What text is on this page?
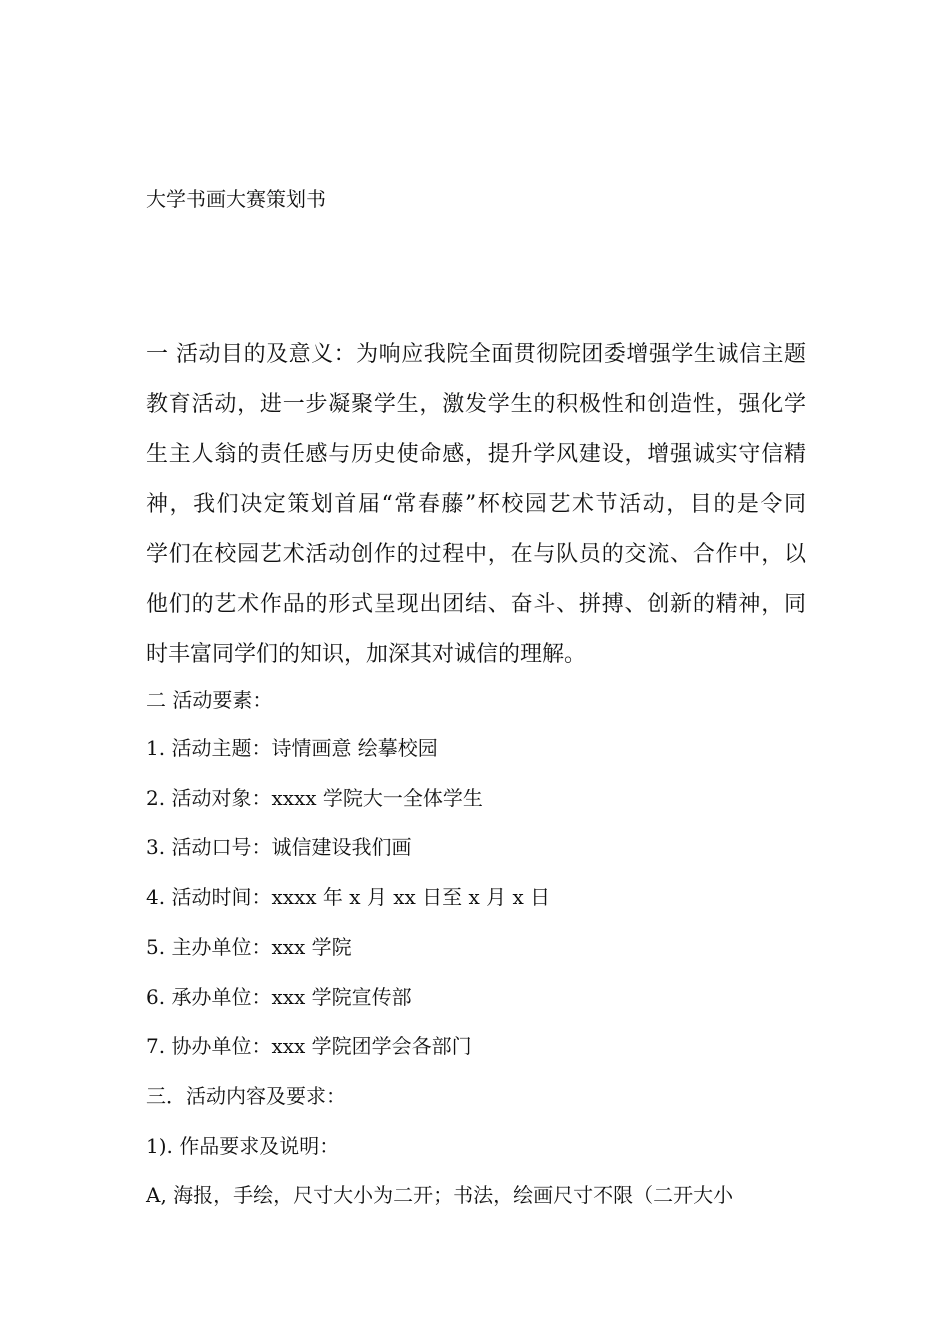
大学书画大赛策划书
一 活动目的及意义：为响应我院全面贯彻院团委增强学生诚信主题
教育活动，进一步凝聚学生，激发学生的积极性和创造性，强化学
生主人翁的责任感与历史使命感，提升学风建设，增强诚实守信精
神，我们决定策划首届“常春藤”杯校园艺术节活动，目的是令同
学们在校园艺术活动创作的过程中，在与队员的交流、合作中，以
他们的艺术作品的形式呈现出团结、奋斗、拼搏、创新的精神，同
时丰富同学们的知识，加深其对诚信的理解。
二 活动要素：
1. 活动主题：诗情画意 绘摹校园
2. 活动对象：xxxx 学院大一全体学生
3. 活动口号：诚信建设我们画
4. 活动时间：xxxx 年 x 月 xx 日至 x 月 x 日
5. 主办单位：xxx 学院
6. 承办单位：xxx 学院宣传部
7. 协办单位：xxx 学院团学会各部门
三．活动内容及要求：
1). 作品要求及说明：
A, 海报，手绘，尺寸大小为二开；书法，绘画尺寸不限（二开大小
